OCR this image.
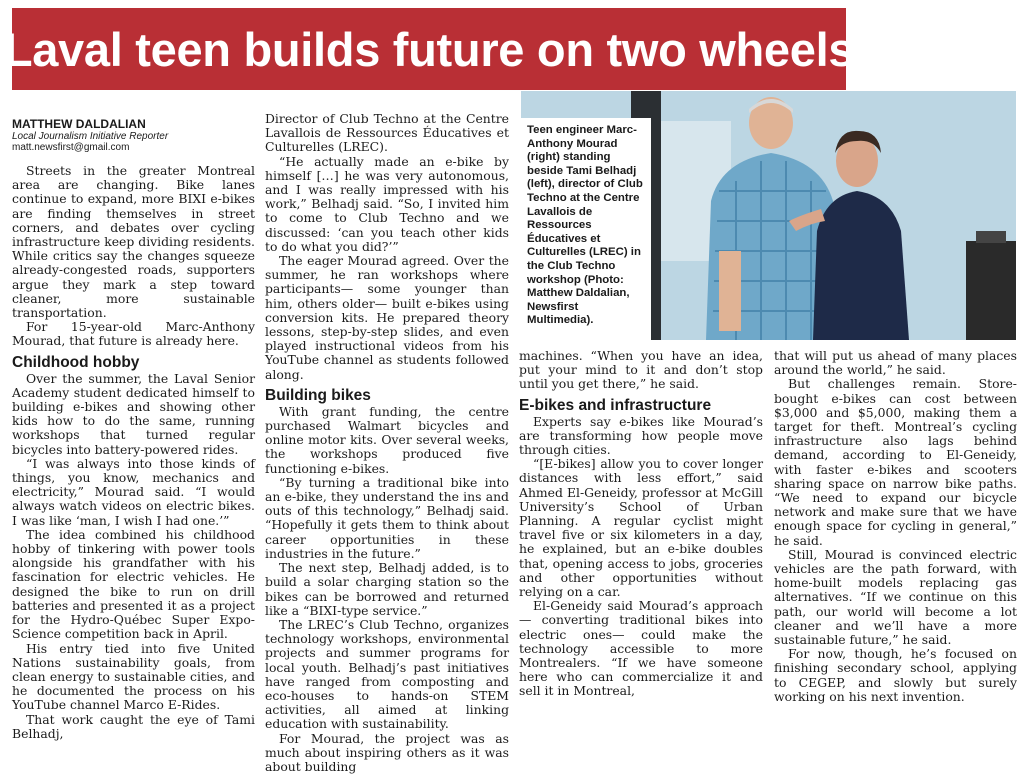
Laval teen builds future on two wheels
MATTHEW DALDALIAN
Local Journalism Initiative Reporter
matt.newsfirst@gmail.com

Streets in the greater Montreal area are changing. Bike lanes continue to expand, more BIXI e-bikes are finding themselves in street corners, and debates over cycling infrastructure keep dividing residents. While critics say the changes squeeze already-congested roads, supporters argue they mark a step toward cleaner, more sustainable transportation.

For 15-year-old Marc-Anthony Mourad, that future is already here.

Childhood hobby

Over the summer, the Laval Senior Academy student dedicated himself to building e-bikes and showing other kids how to do the same, running workshops that turned regular bicycles into battery-powered rides.

“I was always into those kinds of things, you know, mechanics and electricity,” Mourad said. “I would always watch videos on electric bikes. I was like ‘man, I wish I had one.’”

The idea combined his childhood hobby of tinkering with power tools alongside his grandfather with his fascination for electric vehicles. He designed the bike to run on drill batteries and presented it as a project for the Hydro-Québec Super Expo-Science competition back in April.

His entry tied into five United Nations sustainability goals, from clean energy to sustainable cities, and he documented the process on his YouTube channel Marco E-Rides.

That work caught the eye of Tami Belhadj,

Director of Club Techno at the Centre Lavallois de Ressources Éducatives et Culturelles (LREC).

“He actually made an e-bike by himself […] he was very autonomous, and I was really impressed with his work,” Belhadj said. “So, I invited him to come to Club Techno and we discussed: ‘can you teach other kids to do what you did?’”

The eager Mourad agreed. Over the summer, he ran workshops where participants— some younger than him, others older— built e-bikes using conversion kits. He prepared theory lessons, step-by-step slides, and even played instructional videos from his YouTube channel as students followed along.

Building bikes

With grant funding, the centre purchased Walmart bicycles and online motor kits. Over several weeks, the workshops produced five functioning e-bikes.

“By turning a traditional bike into an e-bike, they understand the ins and outs of this technology,” Belhadj said. “Hopefully it gets them to think about career opportunities in these industries in the future.”

The next step, Belhadj added, is to build a solar charging station so the bikes can be borrowed and returned like a “BIXI-type service.”

The LREC’s Club Techno, organizes technology workshops, environmental projects and summer programs for local youth. Belhadj’s past initiatives have ranged from composting and eco-houses to hands-on STEM activities, all aimed at linking education with sustainability.

For Mourad, the project was as much about inspiring others as it was about building

Teen engineer Marc-Anthony Mourad (right) standing beside Tami Belhadj (left), director of Club Techno at the Centre Lavallois de Ressources Éducatives et Culturelles (LREC) in the Club Techno workshop (Photo: Matthew Daldalian, Newsfirst Multimedia).

machines. “When you have an idea, put your mind to it and don’t stop until you get there,” he said.

E-bikes and infrastructure

Experts say e-bikes like Mourad’s are transforming how people move through cities.

“[E-bikes] allow you to cover longer distances with less effort,” said Ahmed El-Geneidy, professor at McGill University’s School of Urban Planning. A regular cyclist might travel five or six kilometers in a day, he explained, but an e-bike doubles that, opening access to jobs, groceries and other opportunities without relying on a car.

El-Geneidy said Mourad’s approach— converting traditional bikes into electric ones— could make the technology accessible to more Montrealers. “If we have someone here who can commercialize it and sell it in Montreal,

that will put us ahead of many places around the world,” he said.

But challenges remain. Store-bought e-bikes can cost between $3,000 and $5,000, making them a target for theft. Montreal’s cycling infrastructure also lags behind demand, according to El-Geneidy, with faster e-bikes and scooters sharing space on narrow bike paths. “We need to expand our bicycle network and make sure that we have enough space for cycling in general,” he said.

Still, Mourad is convinced electric vehicles are the path forward, with home-built models replacing gas alternatives. “If we continue on this path, our world will become a lot cleaner and we’ll have a more sustainable future,” he said.

For now, though, he’s focused on finishing secondary school, applying to CEGEP, and slowly but surely working on his next invention.
